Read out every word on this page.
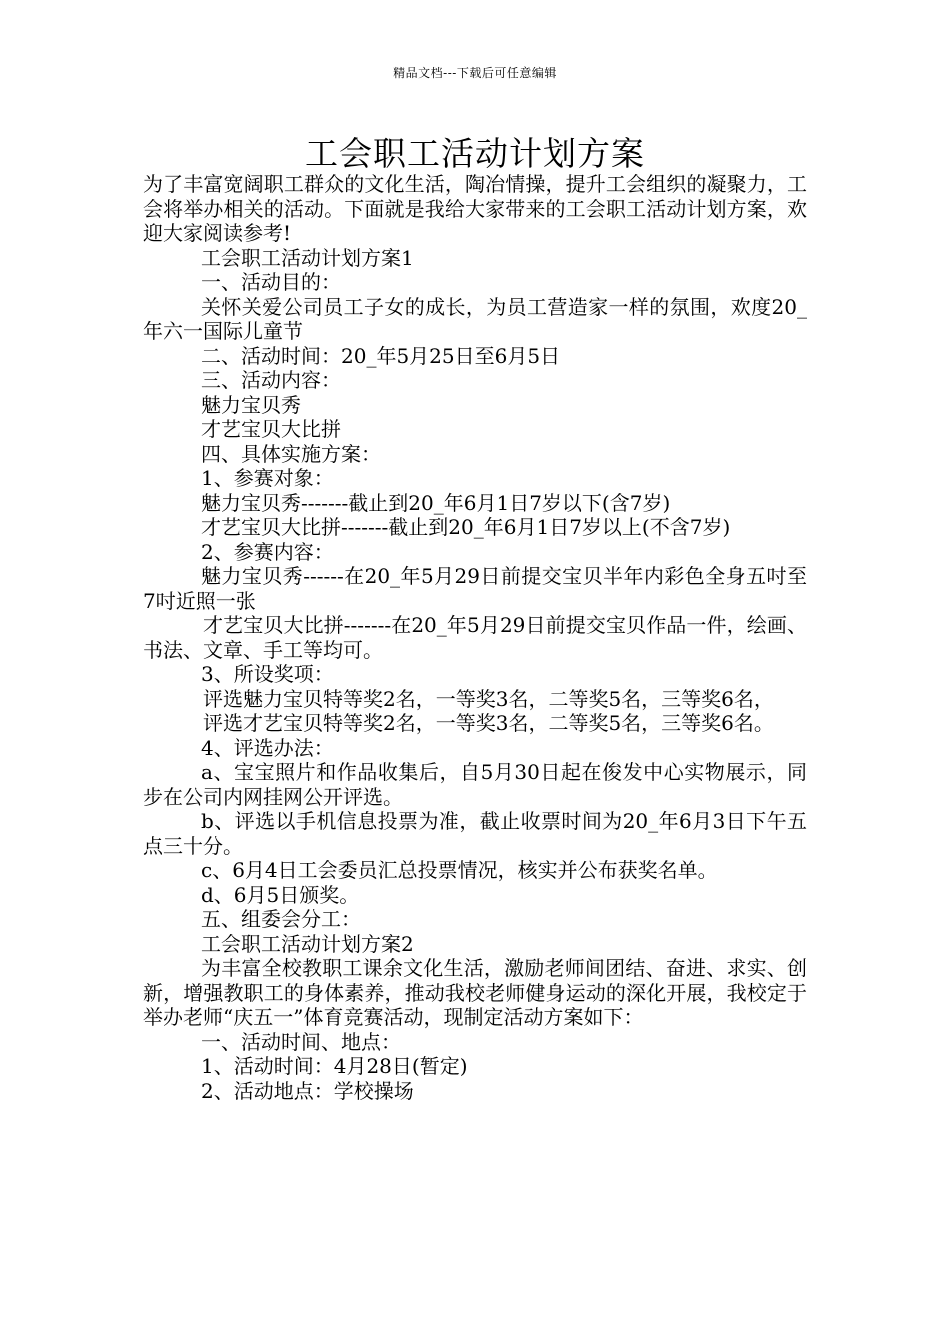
精品文档---下载后可任意编辑
工会职工活动计划方案

为了丰富宽阔职工群众的文化生活，陶冶情操，提升工会组织的凝聚力，工会将举办相关的活动。下面就是我给大家带来的工会职工活动计划方案，欢迎大家阅读参考!

工会职工活动计划方案1

一、活动目的：

关怀关爱公司员工子女的成长，为员工营造家一样的氛围，欢度20_年六一国际儿童节

二、活动时间：20_年5月25日至6月5日

三、活动内容：

魅力宝贝秀

才艺宝贝大比拼

四、具体实施方案：

1、参赛对象：

魅力宝贝秀-------截止到20_年6月1日7岁以下(含7岁)

才艺宝贝大比拼-------截止到20_年6月1日7岁以上(不含7岁)

2、参赛内容：

魅力宝贝秀------在20_年5月29日前提交宝贝半年内彩色全身五吋至7吋近照一张

才艺宝贝大比拼-------在20_年5月29日前提交宝贝作品一件，绘画、书法、文章、手工等均可。

3、所设奖项：

评选魅力宝贝特等奖2名，一等奖3名，二等奖5名，三等奖6名，

评选才艺宝贝特等奖2名，一等奖3名，二等奖5名，三等奖6名。

4、评选办法：

a、宝宝照片和作品收集后，自5月30日起在俊发中心实物展示，同步在公司内网挂网公开评选。

b、评选以手机信息投票为准，截止收票时间为20_年6月3日下午五点三十分。

c、6月4日工会委员汇总投票情况，核实并公布获奖名单。

d、6月5日颁奖。

五、组委会分工：

工会职工活动计划方案2

为丰富全校教职工课余文化生活，激励老师间团结、奋进、求实、创新，增强教职工的身体素养，推动我校老师健身运动的深化开展，我校定于举办老师“庆五一”体育竞赛活动，现制定活动方案如下：

一、活动时间、地点：

1、活动时间：4月28日(暂定)

2、活动地点：学校操场
